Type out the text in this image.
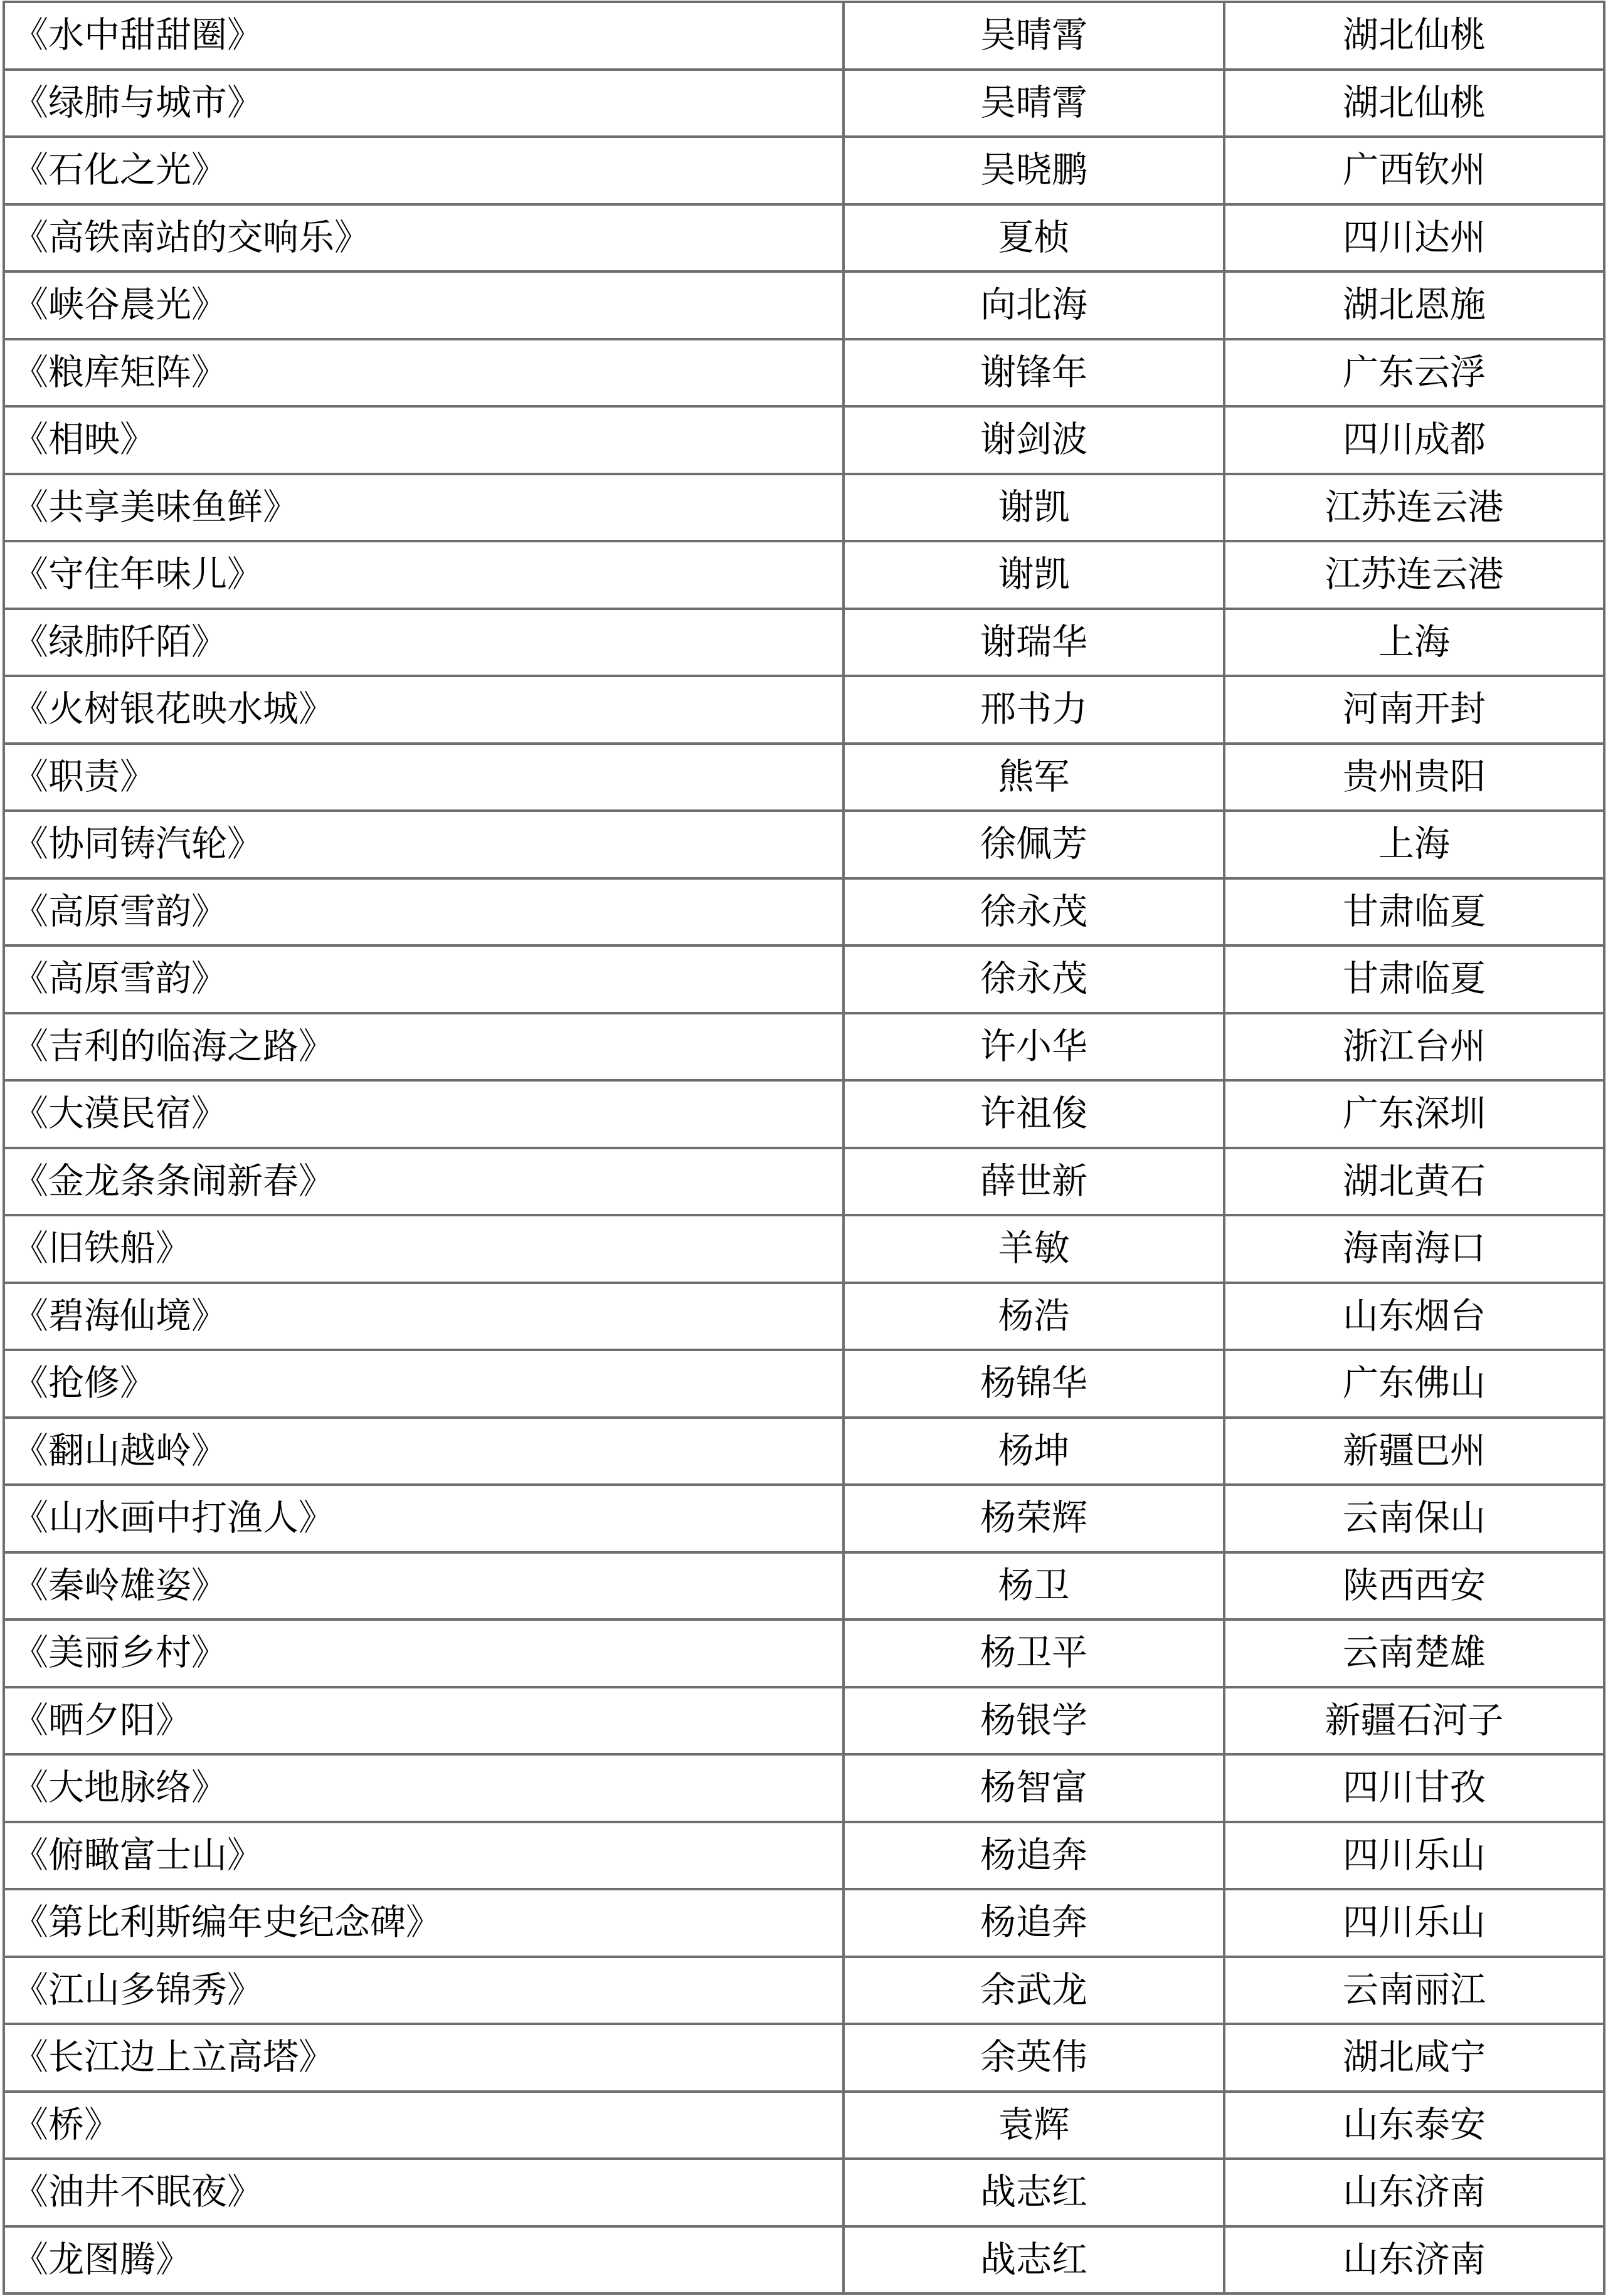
《水中甜甜圈》	吴晴霄	湖北仙桃
《绿肺与城市》	吴晴霄	湖北仙桃
《石化之光》	吴晓鹏	广西钦州
《高铁南站的交响乐》	夏桢	四川达州
《峡谷晨光》	向北海	湖北恩施
《粮库矩阵》	谢锋年	广东云浮
《相映》	谢剑波	四川成都
《共享美味鱼鲜》	谢凯	江苏连云港
《守住年味儿》	谢凯	江苏连云港
《绿肺阡陌》	谢瑞华	上海
《火树银花映水城》	邢书力	河南开封
《职责》	熊军	贵州贵阳
《协同铸汽轮》	徐佩芳	上海
《高原雪韵》	徐永茂	甘肃临夏
《高原雪韵》	徐永茂	甘肃临夏
《吉利的临海之路》	许小华	浙江台州
《大漠民宿》	许祖俊	广东深圳
《金龙条条闹新春》	薛世新	湖北黄石
《旧铁船》	羊敏	海南海口
《碧海仙境》	杨浩	山东烟台
《抢修》	杨锦华	广东佛山
《翻山越岭》	杨坤	新疆巴州
《山水画中打渔人》	杨荣辉	云南保山
《秦岭雄姿》	杨卫	陕西西安
《美丽乡村》	杨卫平	云南楚雄
《晒夕阳》	杨银学	新疆石河子
《大地脉络》	杨智富	四川甘孜
《俯瞰富士山》	杨追奔	四川乐山
《第比利斯编年史纪念碑》	杨追奔	四川乐山
《江山多锦秀》	余武龙	云南丽江
《长江边上立高塔》	余英伟	湖北咸宁
《桥》	袁辉	山东泰安
《油井不眠夜》	战志红	山东济南
《龙图腾》	战志红	山东济南
